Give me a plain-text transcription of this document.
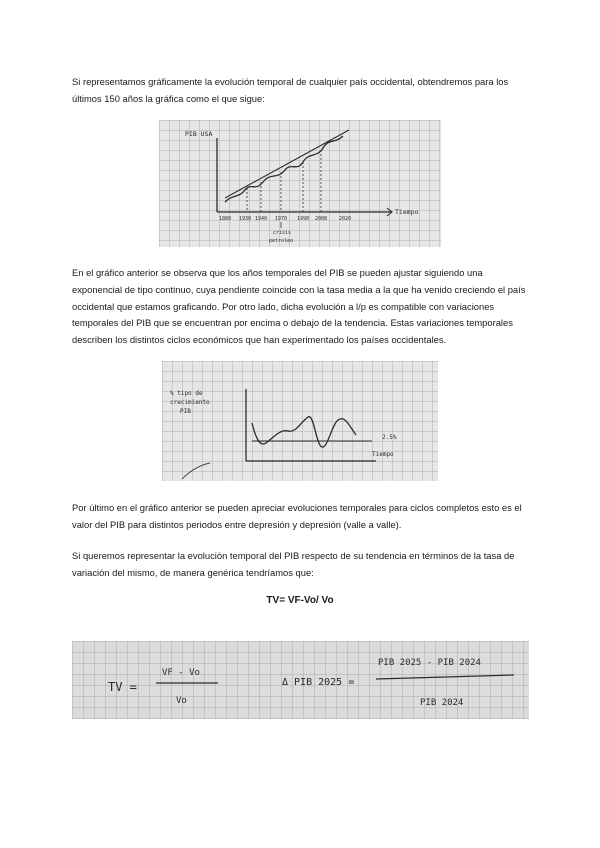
Si representamos gráficamente la evolución temporal de cualquier país occidental, obtendremos para los últimos 150 años la gráfica como el que sigue:

PIB USA
Tiempo
1880 1930 1940 1970 1990 2008 2020
crisis
petroleo

En el gráfico anterior se observa que los años temporales del PIB se pueden ajustar siguiendo una exponencial de tipo continuo, cuya pendiente coincide con la tasa media a la que ha venido creciendo el país occidental que estamos graficando. Por otro lado, dicha evolución a l/p es compatible con variaciones temporales del PIB que se encuentran por encima o debajo de la tendencia. Estas variaciones temporales describen los distintos ciclos económicos que han experimentado los países occidentales.

% tipo de
crecimiento
PIB
2.5%
Tiempo

Por último en el gráfico anterior se pueden apreciar evoluciones temporales para ciclos completos esto es el valor del PIB para distintos periodos entre depresión y depresión (valle a valle).

Si queremos representar la evolución temporal del PIB respecto de su tendencia en términos de la tasa de variación del mismo, de manera genérica tendríamos que:

TV= VF-Vo/ Vo
TV =
VF - Vo
Vo
Δ PIB 2025 =
PIB 2025 - PIB 2024
PIB 2024
